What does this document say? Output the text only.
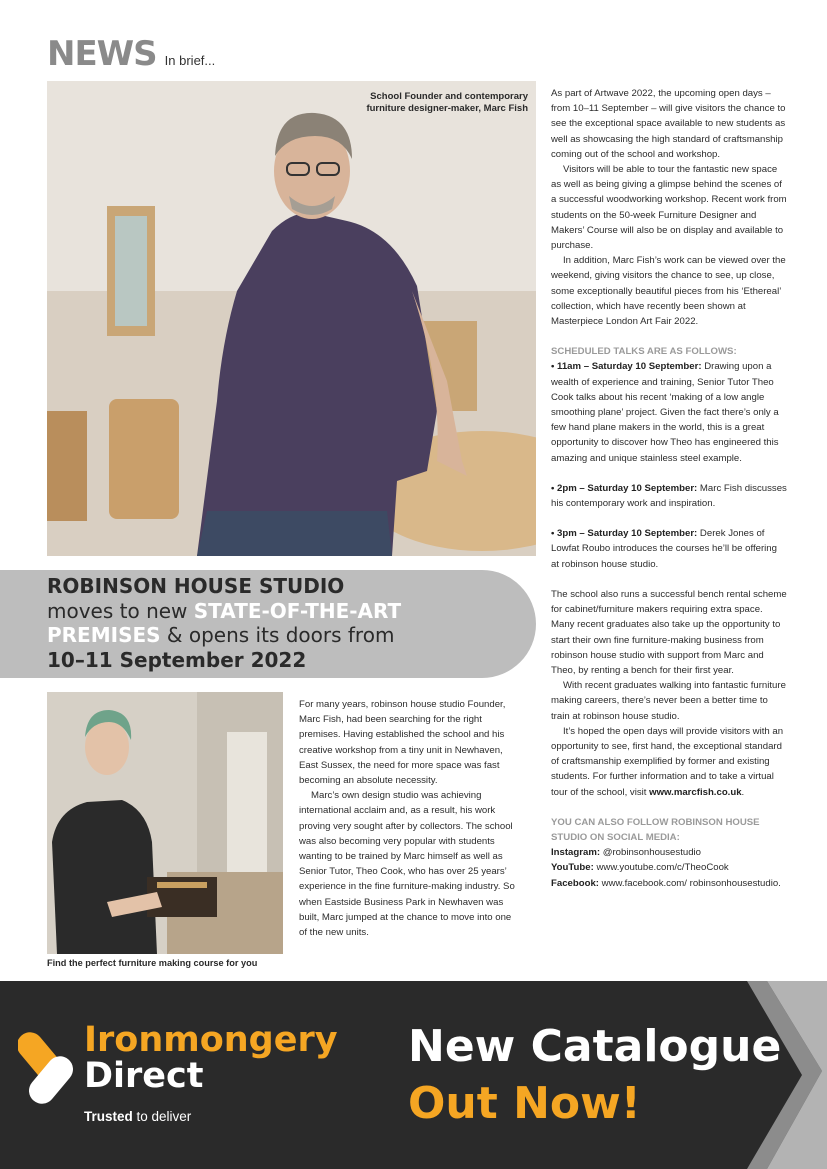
NEWS In brief...
School Founder and contemporary
furniture designer-maker, Marc Fish

As part of Artwave 2022, the upcoming open days – from 10–11 September – will give visitors the chance to see the exceptional space available to new students as well as showcasing the high standard of craftsmanship coming out of the school and workshop.

Visitors will be able to tour the fantastic new space as well as being giving a glimpse behind the scenes of a successful woodworking workshop. Recent work from students on the 50-week Furniture Designer and Makers’ Course will also be on display and available to purchase.

In addition, Marc Fish’s work can be viewed over the weekend, giving visitors the chance to see, up close, some exceptionally beautiful pieces from his ‘Ethereal’ collection, which have recently been shown at Masterpiece London Art Fair 2022.

SCHEDULED TALKS ARE AS FOLLOWS:

• 11am – Saturday 10 September: Drawing upon a wealth of experience and training, Senior Tutor Theo Cook talks about his recent ‘making of a low angle smoothing plane’ project. Given the fact there’s only a few hand plane makers in the world, this is a great opportunity to discover how Theo has engineered this amazing and unique stainless steel example.

• 2pm – Saturday 10 September: Marc Fish discusses his contemporary work and inspiration.

• 3pm – Saturday 10 September: Derek Jones of Lowfat Roubo introduces the courses he’ll be offering at robinson house studio.

The school also runs a successful bench rental scheme for cabinet/furniture makers requiring extra space. Many recent graduates also take up the opportunity to start their own fine furniture-making business from robinson house studio with support from Marc and Theo, by renting a bench for their first year.

With recent graduates walking into fantastic furniture making careers, there’s never been a better time to train at robinson house studio.

It’s hoped the open days will provide visitors with an opportunity to see, first hand, the exceptional standard of craftsmanship exemplified by former and existing students. For further information and to take a virtual tour of the school, visit www.marcfish.co.uk.

YOU CAN ALSO FOLLOW ROBINSON HOUSE STUDIO ON SOCIAL MEDIA:

Instagram: @robinsonhousestudio

YouTube: www.youtube.com/c/TheoCook

Facebook: www.facebook.com/ robinsonhousestudio.

ROBINSON HOUSE STUDIO
moves to new STATE-OF-THE-ART
PREMISES & opens its doors from

10–11 September 2022
Find the perfect furniture making course for you

For many years, robinson house studio Founder, Marc Fish, had been searching for the right premises. Having established the school and his creative workshop from a tiny unit in Newhaven, East Sussex, the need for more space was fast becoming an absolute necessity.

Marc’s own design studio was achieving international acclaim and, as a result, his work proving very sought after by collectors. The school was also becoming very popular with students wanting to be trained by Marc himself as well as Senior Tutor, Theo Cook, who has over 25 years’ experience in the fine furniture-making industry. So when Eastside Business Park in Newhaven was built, Marc jumped at the chance to move into one of the new units.

Ironmongery
Direct
Trusted to deliver
New Catalogue
Out Now!
